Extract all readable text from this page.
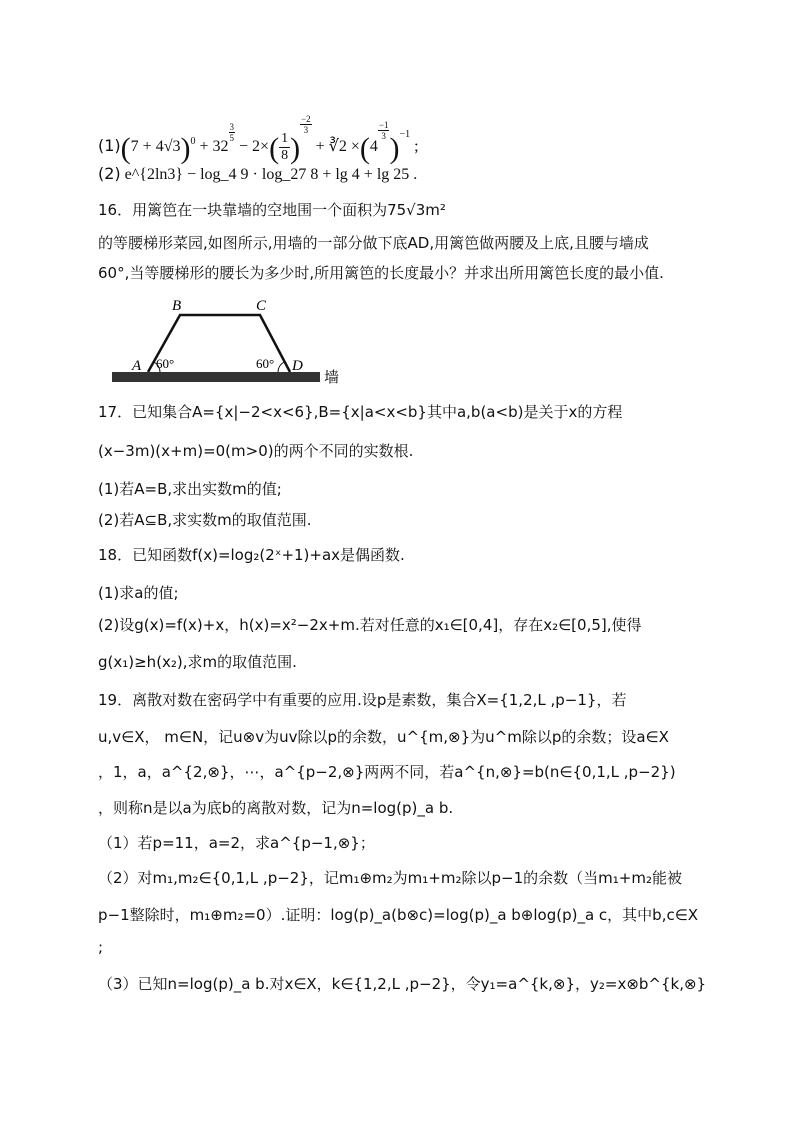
$(1)(7 + 4√3)^0 + 32$
$\frac{3}{5}$
− $2\times( \frac{1}{8}$ )
$\frac{-2}{3}$
+ ∛2 ×(4
$\frac{-1}{3}$
)$^{-1}$ ;
(2) e^{2ln3} − log_4 9 · log_27 8 + lg 4 + lg 25 .
16．用篱笆在一块靠墙的空地围一个面积为75√3m²
的等腰梯形菜园,如图所示,用墙的一部分做下底AD,用篱笆做两腰及上底,且腰与墙成
60°,当等腰梯形的腰长为多少时,所用篱笆的长度最小？并求出所用篱笆长度的最小值.
B	C
A	D
60°	60°
墙
17．已知集合A={x|−2<x<6},B={x|a<x<b}其中a,b(a<b)是关于x的方程
(x−3m)(x+m)=0(m>0)的两个不同的实数根.
(1)若A=B,求出实数m的值;
(2)若A⊆B,求实数m的取值范围.
18．已知函数f(x)=log₂(2ˣ+1)+ax是偶函数.
(1)求a的值;
(2)设g(x)=f(x)+x，h(x)=x²−2x+m.若对任意的x₁∈[0,4]，存在x₂∈[0,5],使得
g(x₁)≥h(x₂),求m的取值范围.
19．离散对数在密码学中有重要的应用.设p是素数，集合X={1,2,L ,p−1}，若
u,v∈X， m∈N，记u⊗v为uv除以p的余数，u^{m,⊗}为u^m除以p的余数；设a∈X
，1，a，a^{2,⊗}，⋯，a^{p−2,⊗}两两不同，若a^{n,⊗}=b(n∈{0,1,L ,p−2})
，则称n是以a为底b的离散对数，记为n=log(p)_a b.
（1）若p=11，a=2，求a^{p−1,⊗}；
（2）对m₁,m₂∈{0,1,L ,p−2}，记m₁⊕m₂为m₁+m₂除以p−1的余数（当m₁+m₂能被
p−1整除时，m₁⊕m₂=0）.证明：log(p)_a(b⊗c)=log(p)_a b⊕log(p)_a c，其中b,c∈X
;
（3）已知n=log(p)_a b.对x∈X，k∈{1,2,L ,p−2}，令y₁=a^{k,⊗}，y₂=x⊗b^{k,⊗}
